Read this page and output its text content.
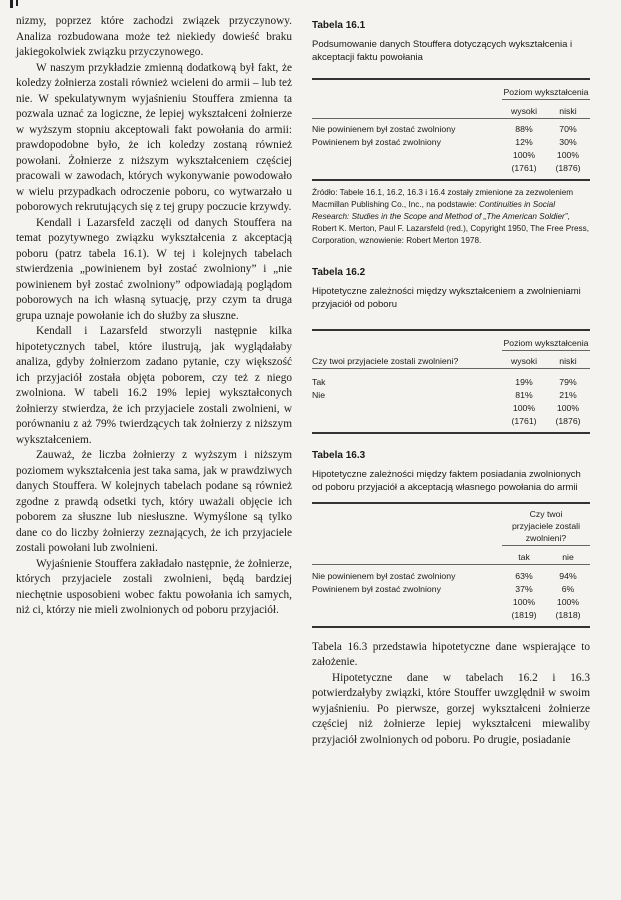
nizmy, poprzez które zachodzi związek przyczynowy. Analiza rozbudowana może też niekiedy dowieść braku jakiegokolwiek związku przyczynowego.

W naszym przykładzie zmienną dodatkową był fakt, że koledzy żołnierza zostali również wcieleni do armii – lub też nie. W spekulatywnym wyjaśnieniu Stouffera zmienna ta pozwala uznać za logiczne, że lepiej wykształceni żołnierze w wyższym stopniu akceptowali fakt powołania do armii: prawdopodobne było, że ich koledzy zostaną również powołani. Żołnierze z niższym wykształceniem częściej pracowali w zawodach, których wykonywanie powodowało w wielu przypadkach odroczenie poboru, co wytwarzało u poborowych rekrutujących się z tej grupy poczucie krzywdy.

Kendall i Lazarsfeld zaczęli od danych Stouffera na temat pozytywnego związku wykształcenia z akceptacją poboru (patrz tabela 16.1). W tej i kolejnych tabelach stwierdzenia „powinienem był zostać zwolniony” i „nie powinienem był zostać zwolniony” odpowiadają poglądom poborowych na ich własną sytuację, przy czym ta druga grupa uznaje powołanie ich do służby za słuszne.

Kendall i Lazarsfeld stworzyli następnie kilka hipotetycznych tabel, które ilustrują, jak wyglądałaby analiza, gdyby żołnierzom zadano pytanie, czy większość ich przyjaciół została objęta poborem, czy też z niego zwolniona. W tabeli 16.2 19% lepiej wykształconych żołnierzy stwierdza, że ich przyjaciele zostali zwolnieni, w porównaniu z aż 79% twierdzących tak żołnierzy z niższym wykształceniem.

Zauważ, że liczba żołnierzy z wyższym i niższym poziomem wykształcenia jest taka sama, jak w prawdziwych danych Stouffera. W kolejnych tabelach podane są również zgodne z prawdą odsetki tych, który uważali objęcie ich poborem za słuszne lub niesłuszne. Wymyślone są tylko dane co do liczby żołnierzy zeznających, że ich przyjaciele zostali powołani lub zwolnieni.

Wyjaśnienie Stouffera zakładało następnie, że żołnierze, których przyjaciele zostali zwolnieni, będą bardziej niechętnie usposobieni wobec faktu powołania ich samych, niż ci, którzy nie mieli zwolnionych od poboru przyjaciół.

Tabela 16.1
Podsumowanie danych Stouffera dotyczących wykształcenia i akceptacji faktu powołania
	Poziom wykształcenia	

	wysoki	niski

Nie powinienem był zostać zwolniony	88%	70%
Powinienem był zostać zwolniony	12%	30%
	100%	100%
	(1761)	(1876)
Źródło: Tabele 16.1, 16.2, 16.3 i 16.4 zostały zmienione za zezwoleniem Macmillan Publishing Co., Inc., na podstawie: Continuities in Social Research: Studies in the Scope and Method of „The American Soldier”, Robert K. Merton, Paul F. Lazarsfeld (red.), Copyright 1950, The Free Press, Corporation, wznowienie: Robert Merton 1978.
Tabela 16.2
Hipotetyczne zależności między wykształceniem a zwolnieniami przyjaciół od poboru
	Poziom wykształcenia	

Czy twoi przyjaciele zostali zwolnieni?	wysoki	niski

Tak	19%	79%
Nie	81%	21%
	100%	100%
	(1761)	(1876)
Tabela 16.3
Hipotetyczne zależności między faktem posiadania zwolnionych od poboru przyjaciół a akceptacją własnego powołania do armii
	Czy twoi przyjaciele zostali zwolnieni?	

	tak	nie

Nie powinienem był zostać zwolniony	63%	94%
Powinienem był zostać zwolniony	37%	6%
	100%	100%
	(1819)	(1818)

Tabela 16.3 przedstawia hipotetyczne dane wspierające to założenie.

Hipotetyczne dane w tabelach 16.2 i 16.3 potwierdzałyby związki, które Stouffer uwzględnił w swoim wyjaśnieniu. Po pierwsze, gorzej wykształceni żołnierze częściej niż żołnierze lepiej wykształceni miewaliby przyjaciół zwolnionych od poboru. Po drugie, posiadanie
